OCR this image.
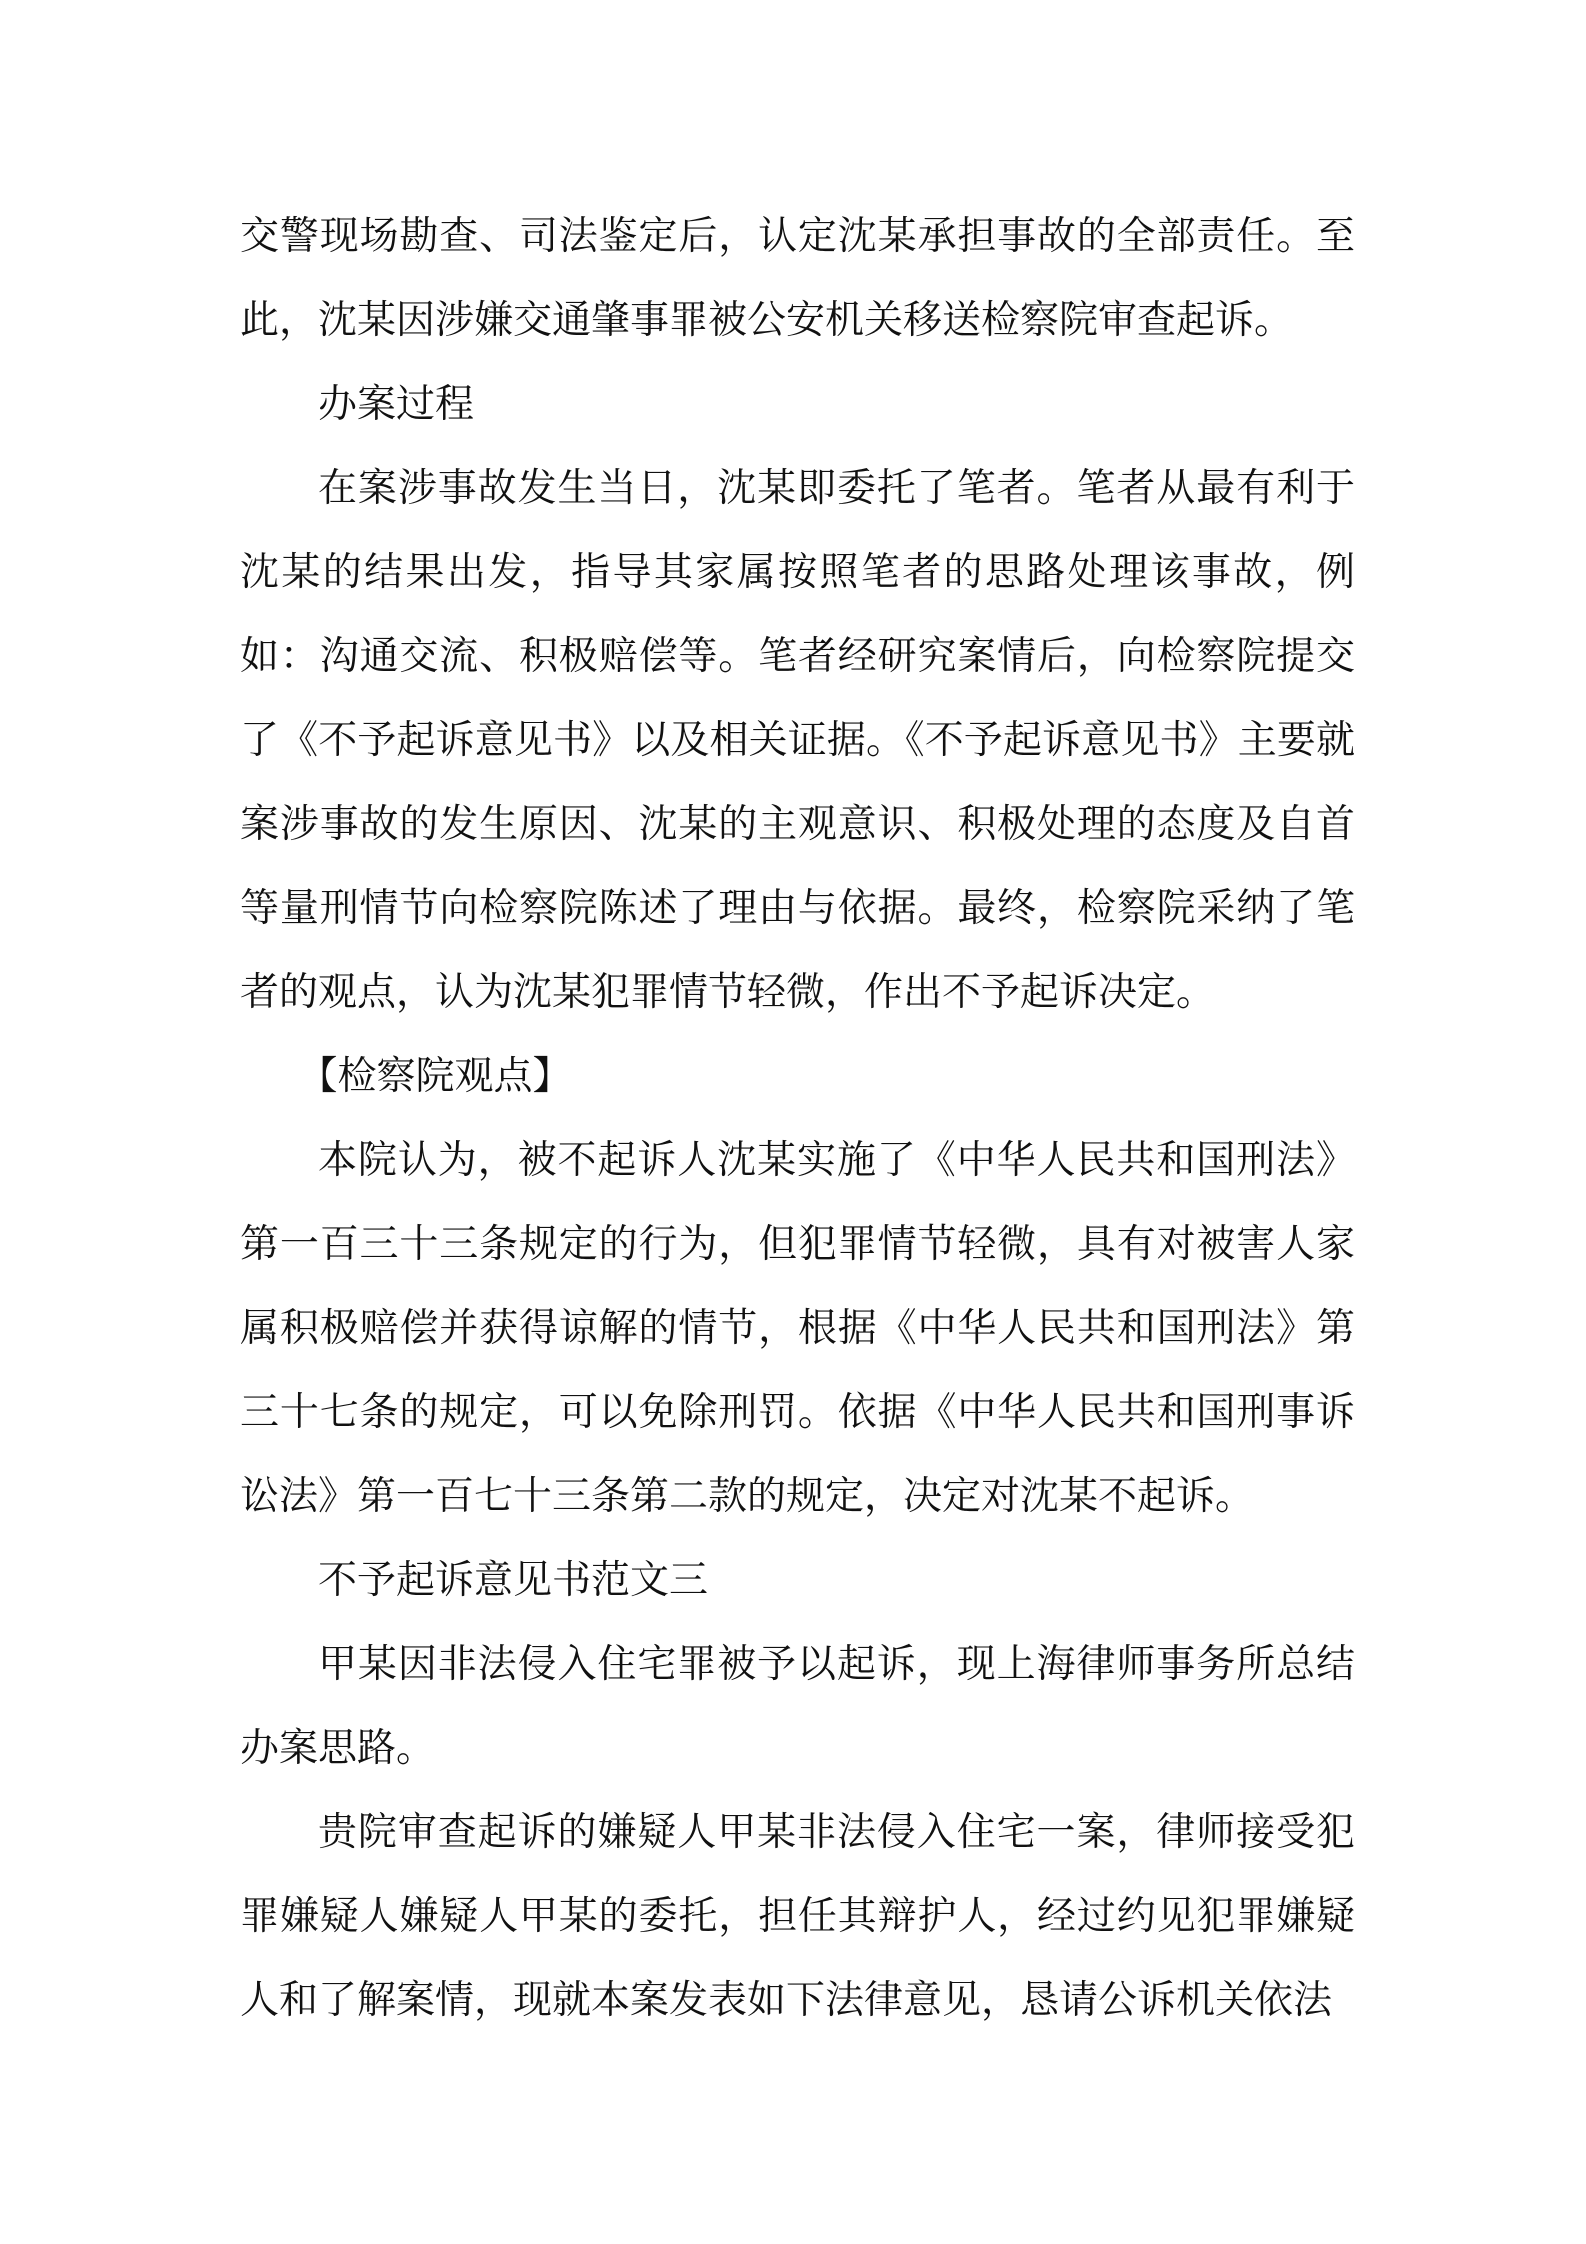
交警现场勘查、司法鉴定后，认定沈某承担事故的全部责任。至此，沈某因涉嫌交通肇事罪被公安机关移送检察院审查起诉。

办案过程

在案涉事故发生当日，沈某即委托了笔者。笔者从最有利于沈某的结果出发，指导其家属按照笔者的思路处理该事故，例如：沟通交流、积极赔偿等。笔者经研究案情后，向检察院提交了《不予起诉意见书》以及相关证据。《不予起诉意见书》主要就案涉事故的发生原因、沈某的主观意识、积极处理的态度及自首等量刑情节向检察院陈述了理由与依据。最终，检察院采纳了笔者的观点，认为沈某犯罪情节轻微，作出不予起诉决定。

【检察院观点】

本院认为，被不起诉人沈某实施了《中华人民共和国刑法》第一百三十三条规定的行为，但犯罪情节轻微，具有对被害人家属积极赔偿并获得谅解的情节，根据《中华人民共和国刑法》第三十七条的规定，可以免除刑罚。依据《中华人民共和国刑事诉讼法》第一百七十三条第二款的规定，决定对沈某不起诉。

不予起诉意见书范文三

甲某因非法侵入住宅罪被予以起诉，现上海律师事务所总结办案思路。

贵院审查起诉的嫌疑人甲某非法侵入住宅一案，律师接受犯罪嫌疑人嫌疑人甲某的委托，担任其辩护人，经过约见犯罪嫌疑人和了解案情，现就本案发表如下法律意见，恳请公诉机关依法
